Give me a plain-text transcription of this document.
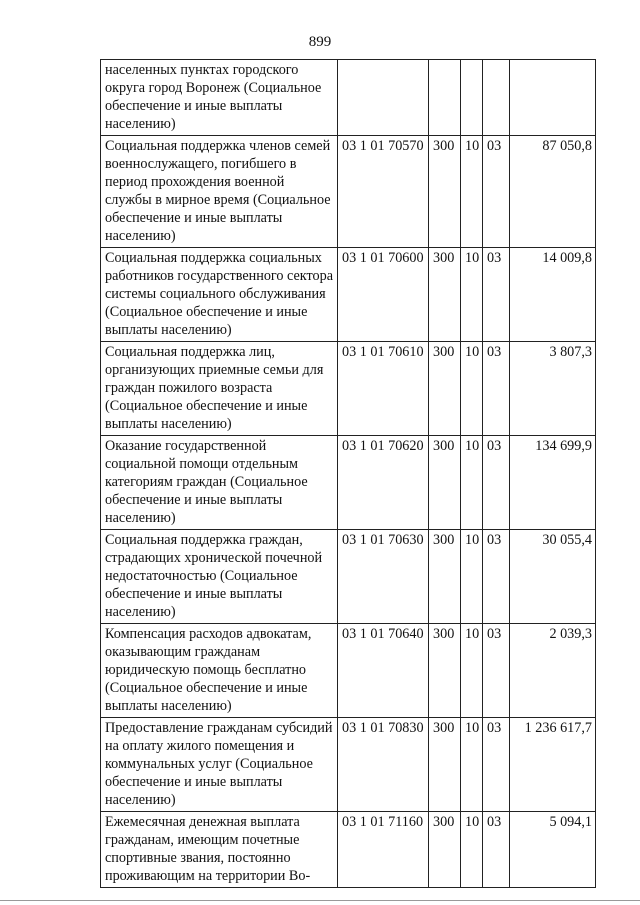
899
населенных пунктах городского округа город Воронеж (Социальное обеспечение и иные выплаты населению)					
Социальная поддержка членов семей военнослужащего, погибшего в период прохождения военной службы в мирное время (Социальное обеспечение и иные выплаты населению)	03 1 01 70570	300	10	03	87 050,8
Социальная поддержка социальных работников государственного сектора системы социального обслуживания (Социальное обеспечение и иные выплаты населению)	03 1 01 70600	300	10	03	14 009,8
Социальная поддержка лиц, организующих приемные семьи для граждан пожилого возраста (Социальное обеспечение и иные выплаты населению)	03 1 01 70610	300	10	03	3 807,3
Оказание государственной социальной помощи отдельным категориям граждан (Социальное обеспечение и иные выплаты населению)	03 1 01 70620	300	10	03	134 699,9
Социальная поддержка граждан, страдающих хронической почечной недостаточностью (Социальное обеспечение и иные выплаты населению)	03 1 01 70630	300	10	03	30 055,4
Компенсация расходов адвокатам, оказывающим гражданам юридическую помощь бесплатно (Социальное обеспечение и иные выплаты населению)	03 1 01 70640	300	10	03	2 039,3
Предоставление гражданам субсидий на оплату жилого помещения и коммунальных услуг (Социальное обеспечение и иные выплаты населению)	03 1 01 70830	300	10	03	1 236 617,7
Ежемесячная денежная выплата гражданам, имеющим почетные спортивные звания, постоянно проживающим на территории Во-	03 1 01 71160	300	10	03	5 094,1
